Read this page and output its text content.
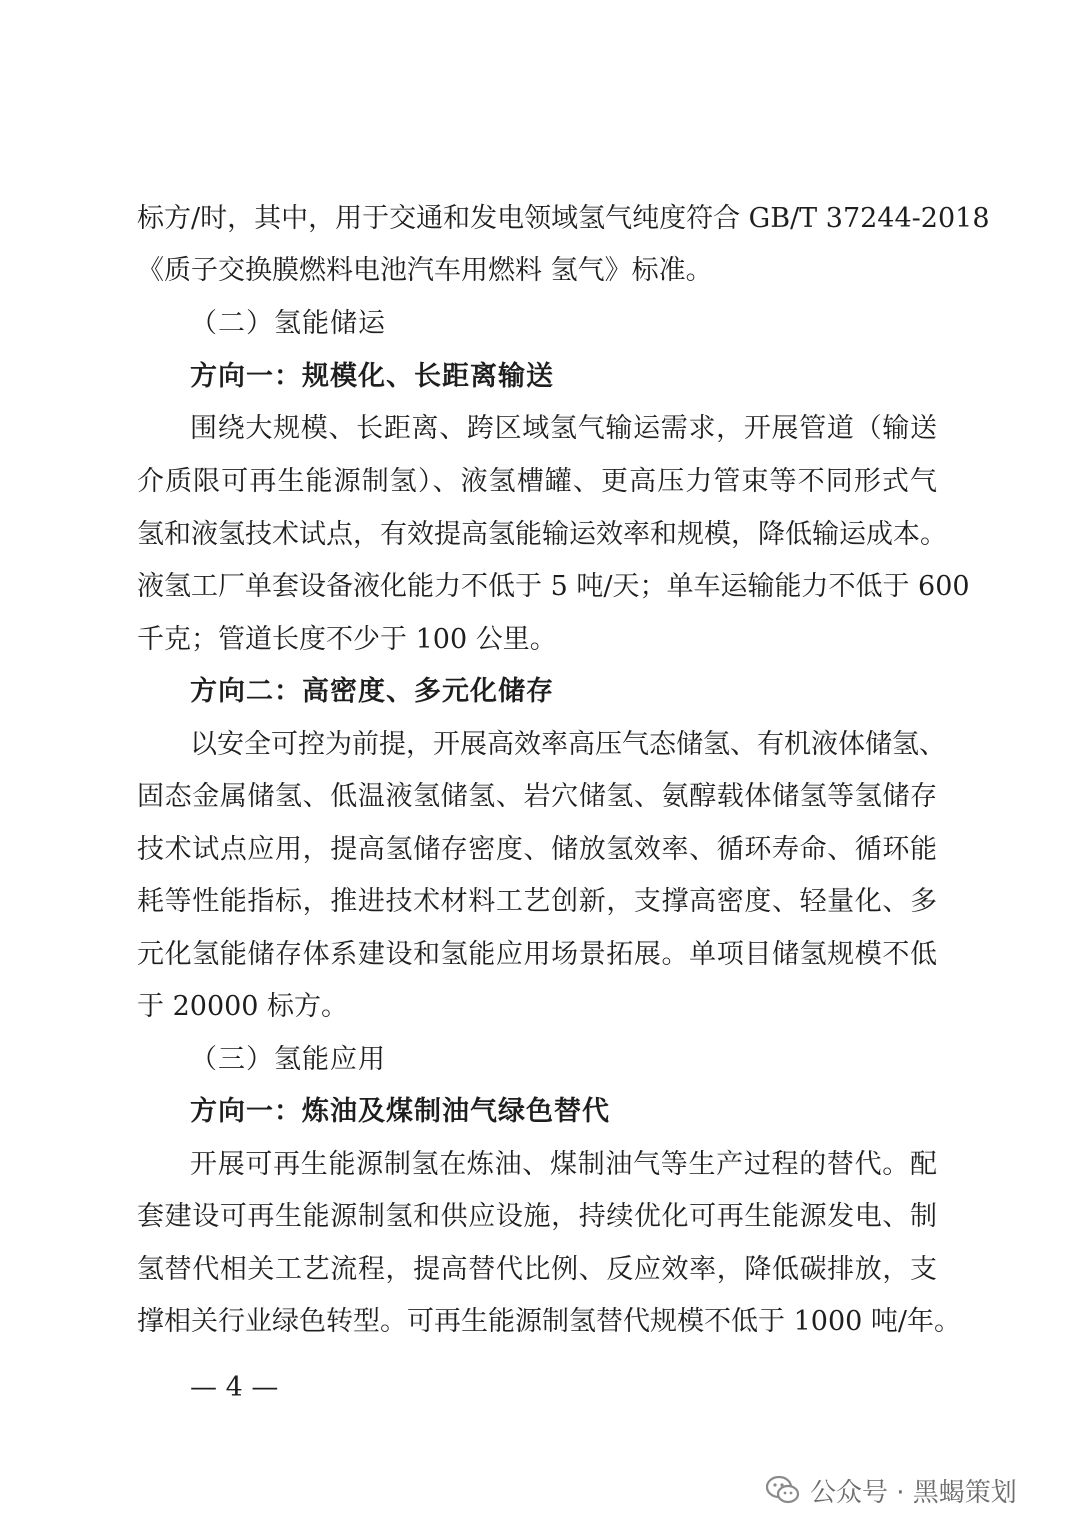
标方/时，其中，用于交通和发电领域氢气纯度符合 GB/T 37244-2018
《质子交换膜燃料电池汽车用燃料 氢气》标准。
（二）氢能储运
方向一：规模化、长距离输送
围绕大规模、长距离、跨区域氢气输运需求，开展管道（输送
介质限可再生能源制氢）、液氢槽罐、更高压力管束等不同形式气
氢和液氢技术试点，有效提高氢能输运效率和规模，降低输运成本。
液氢工厂单套设备液化能力不低于 5 吨/天；单车运输能力不低于 600
千克；管道长度不少于 100 公里。
方向二：高密度、多元化储存
以安全可控为前提，开展高效率高压气态储氢、有机液体储氢、
固态金属储氢、低温液氢储氢、岩穴储氢、氨醇载体储氢等氢储存
技术试点应用，提高氢储存密度、储放氢效率、循环寿命、循环能
耗等性能指标，推进技术材料工艺创新，支撑高密度、轻量化、多
元化氢能储存体系建设和氢能应用场景拓展。单项目储氢规模不低
于 20000 标方。
（三）氢能应用
方向一：炼油及煤制油气绿色替代
开展可再生能源制氢在炼油、煤制油气等生产过程的替代。配
套建设可再生能源制氢和供应设施，持续优化可再生能源发电、制
氢替代相关工艺流程，提高替代比例、反应效率，降低碳排放，支
撑相关行业绿色转型。可再生能源制氢替代规模不低于 1000 吨/年。
— 4 —
公众号 · 黑蝎策划
